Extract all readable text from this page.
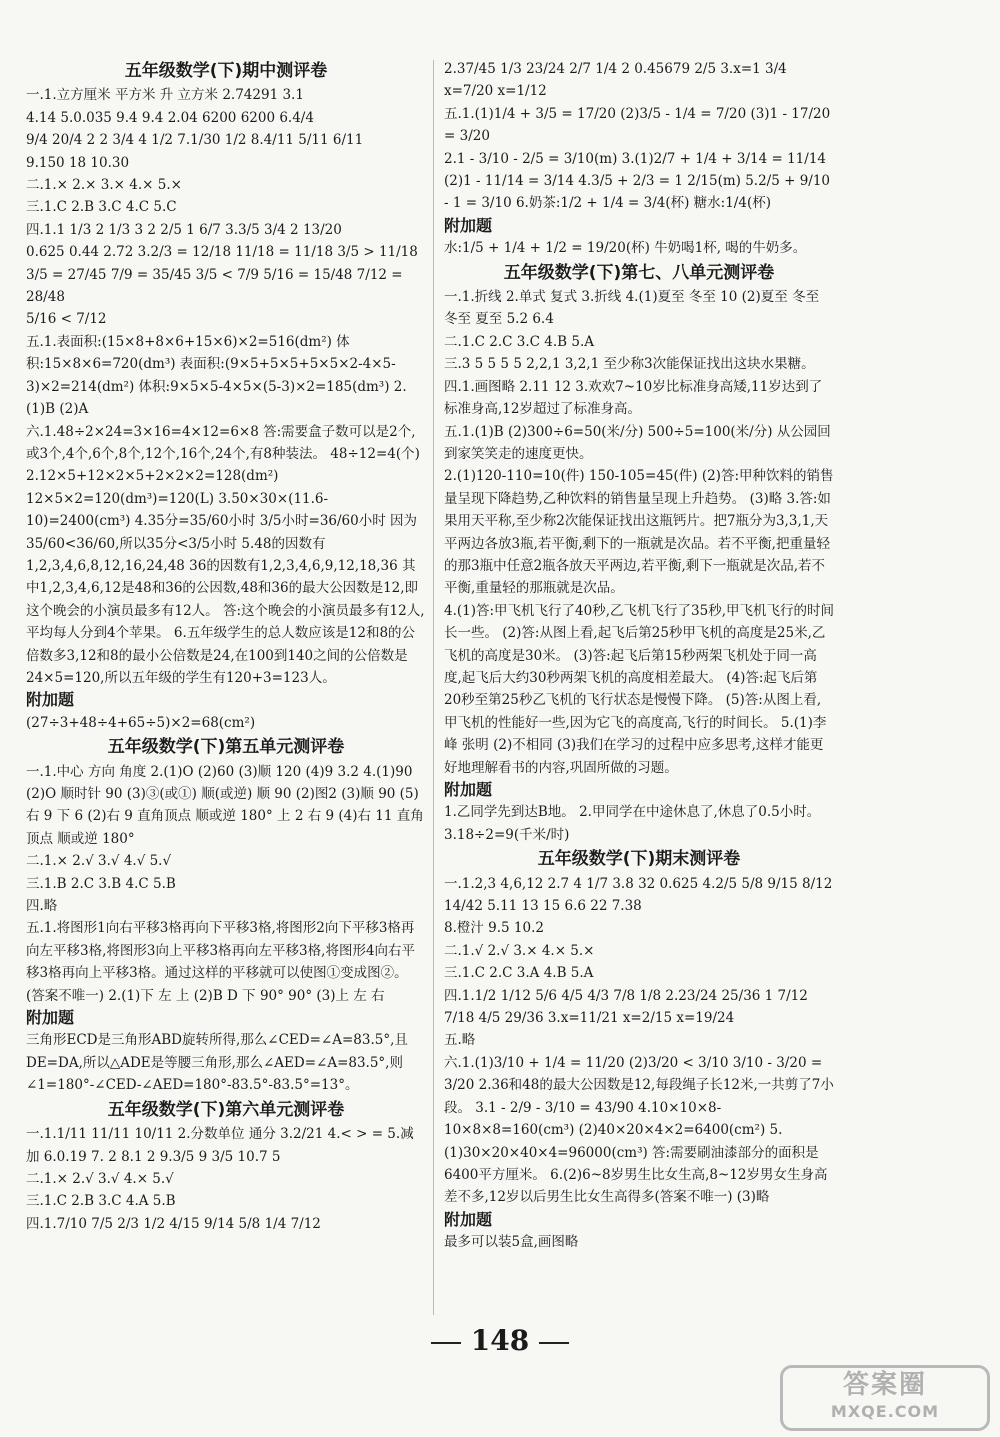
五年级数学(下)期中测评卷
一.1.立方厘米 平方米 升 立方米 2.74291 3.1
4.14 5.0.035 9.4 9.4 2.04 6200 6200 6.4/4
9/4 20/4 2 2 3/4 4 1/2 7.1/30 1/2 8.4/11 5/11 6/11
9.150 18 10.30
二.1.× 2.× 3.× 4.× 5.×
三.1.C 2.B 3.C 4.C 5.C
四.1.1 1/3 2 1/3 3 2 2/5 1 6/7 3.3/5 3/4 2 13/20
0.625 0.44 2.72 3.2/3 = 12/18 11/18 = 11/18 3/5 > 11/18
3/5 = 27/45 7/9 = 35/45 3/5 < 7/9 5/16 = 15/48 7/12 = 28/48
5/16 < 7/12
五.1.表面积:(15×8+8×6+15×6)×2=516(dm²) 体积:15×8×6=720(dm³) 表面积:(9×5+5×5+5×5×2-4×5-3)×2=214(dm²) 体积:9×5×5-4×5×(5-3)×2=185(dm³) 2.(1)B (2)A
六.1.48÷2×24=3×16=4×12=6×8 答:需要盒子数可以是2个,或3个,4个,6个,8个,12个,16个,24个,有8种装法。 48÷12=4(个)
2.12×5+12×2×5+2×2×2=128(dm²) 12×5×2=120(dm³)=120(L) 3.50×30×(11.6-10)=2400(cm³) 4.35分=35/60小时 3/5小时=36/60小时 因为35/60<36/60,所以35分<3/5小时 5.48的因数有1,2,3,4,6,8,12,16,24,48 36的因数有1,2,3,4,6,9,12,18,36 其中1,2,3,4,6,12是48和36的公因数,48和36的最大公因数是12,即这个晚会的小演员最多有12人。 答:这个晚会的小演员最多有12人,平均每人分到4个苹果。 6.五年级学生的总人数应该是12和8的公倍数多3,12和8的最小公倍数是24,在100到140之间的公倍数是24×5=120,所以五年级的学生有120+3=123人。
附加题
(27÷3+48÷4+65÷5)×2=68(cm²)
五年级数学(下)第五单元测评卷
一.1.中心 方向 角度 2.(1)O (2)60 (3)顺 120 (4)9 3.2 4.(1)90 (2)O 顺时针 90 (3)③(或①) 顺(或逆) 顺 90 (2)图2 (3)顺 90 (5)右 9 下 6 (2)右 9 直角顶点 顺或逆 180° 上 2 右 9 (4)右 11 直角顶点 顺或逆 180°
二.1.× 2.√ 3.√ 4.√ 5.√
三.1.B 2.C 3.B 4.C 5.B
四.略
五.1.将图形1向右平移3格再向下平移3格,将图形2向下平移3格再向左平移3格,将图形3向上平移3格再向左平移3格,将图形4向右平移3格再向上平移3格。通过这样的平移就可以使图①变成图②。(答案不唯一) 2.(1)下 左 上 (2)B D 下 90° 90° (3)上 左 右
附加题
三角形ECD是三角形ABD旋转所得,那么∠CED=∠A=83.5°,且DE=DA,所以△ADE是等腰三角形,那么∠AED=∠A=83.5°,则∠1=180°-∠CED-∠AED=180°-83.5°-83.5°=13°。
五年级数学(下)第六单元测评卷
一.1.1/11 11/11 10/11 2.分数单位 通分 3.2/21 4.< > = 5.减 加 6.0.19 7. 2 8.1 2 9.3/5 9 3/5 10.7 5
二.1.× 2.√ 3.√ 4.× 5.√
三.1.C 2.B 3.C 4.A 5.B
四.1.7/10 7/5 2/3 1/2 4/15 9/14 5/8 1/4 7/12
2.37/45 1/3 23/24 2/7 1/4 2 0.45679 2/5 3.x=1 3/4 x=7/20 x=1/12
五.1.(1)1/4 + 3/5 = 17/20 (2)3/5 - 1/4 = 7/20 (3)1 - 17/20 = 3/20
2.1 - 3/10 - 2/5 = 3/10(m) 3.(1)2/7 + 1/4 + 3/14 = 11/14
(2)1 - 11/14 = 3/14 4.3/5 + 2/3 = 1 2/15(m) 5.2/5 + 9/10 - 1 = 3/10 6.奶茶:1/2 + 1/4 = 3/4(杯) 糖水:1/4(杯)
附加题
水:1/5 + 1/4 + 1/2 = 19/20(杯) 牛奶喝1杯, 喝的牛奶多。
五年级数学(下)第七、八单元测评卷
一.1.折线 2.单式 复式 3.折线 4.(1)夏至 冬至 10 (2)夏至 冬至 冬至 夏至 5.2 6.4
二.1.C 2.C 3.C 4.B 5.A
三.3 5 5 5 5 2,2,1 3,2,1 至少称3次能保证找出这块水果糖。
四.1.画图略 2.11 12 3.欢欢7~10岁比标准身高矮,11岁达到了标准身高,12岁超过了标准身高。
五.1.(1)B (2)300÷6=50(米/分) 500÷5=100(米/分) 从公园回到家笑笑走的速度更快。
2.(1)120-110=10(件) 150-105=45(件) (2)答:甲种饮料的销售量呈现下降趋势,乙种饮料的销售量呈现上升趋势。 (3)略 3.答:如果用天平称,至少称2次能保证找出这瓶钙片。把7瓶分为3,3,1,天平两边各放3瓶,若平衡,剩下的一瓶就是次品。若不平衡,把重量轻的那3瓶中任意2瓶各放天平两边,若平衡,剩下一瓶就是次品,若不平衡,重量轻的那瓶就是次品。
4.(1)答:甲飞机飞行了40秒,乙飞机飞行了35秒,甲飞机飞行的时间长一些。 (2)答:从图上看,起飞后第25秒甲飞机的高度是25米,乙飞机的高度是30米。 (3)答:起飞后第15秒两架飞机处于同一高度,起飞后大约30秒两架飞机的高度相差最大。 (4)答:起飞后第20秒至第25秒乙飞机的飞行状态是慢慢下降。 (5)答:从图上看,甲飞机的性能好一些,因为它飞的高度高,飞行的时间长。 5.(1)李峰 张明 (2)不相同 (3)我们在学习的过程中应多思考,这样才能更好地理解看书的内容,巩固所做的习题。
附加题
1.乙同学先到达B地。 2.甲同学在中途休息了,休息了0.5小时。 3.18÷2=9(千米/时)
五年级数学(下)期末测评卷
一.1.2,3 4,6,12 2.7 4 1/7 3.8 32 0.625 4.2/5 5/8 9/15 8/12 14/42 5.11 13 15 6.6 22 7.38
8.橙汁 9.5 10.2
二.1.√ 2.√ 3.× 4.× 5.×
三.1.C 2.C 3.A 4.B 5.A
四.1.1/2 1/12 5/6 4/5 4/3 7/8 1/8 2.23/24 25/36 1 7/12 7/18 4/5 29/36 3.x=11/21 x=2/15 x=19/24
五.略
六.1.(1)3/10 + 1/4 = 11/20 (2)3/20 < 3/10 3/10 - 3/20 = 3/20 2.36和48的最大公因数是12,每段绳子长12米,一共剪了7小段。 3.1 - 2/9 - 3/10 = 43/90 4.10×10×8-10×8×8=160(cm³) (2)40×20×4×2=6400(cm²) 5.(1)30×20×40×4=96000(cm³) 答:需要刷油漆部分的面积是6400平方厘米。 6.(2)6~8岁男生比女生高,8~12岁男女生身高差不多,12岁以后男生比女生高得多(答案不唯一) (3)略
附加题
最多可以装5盒,画图略
148
答案圈
MXQE.COM
